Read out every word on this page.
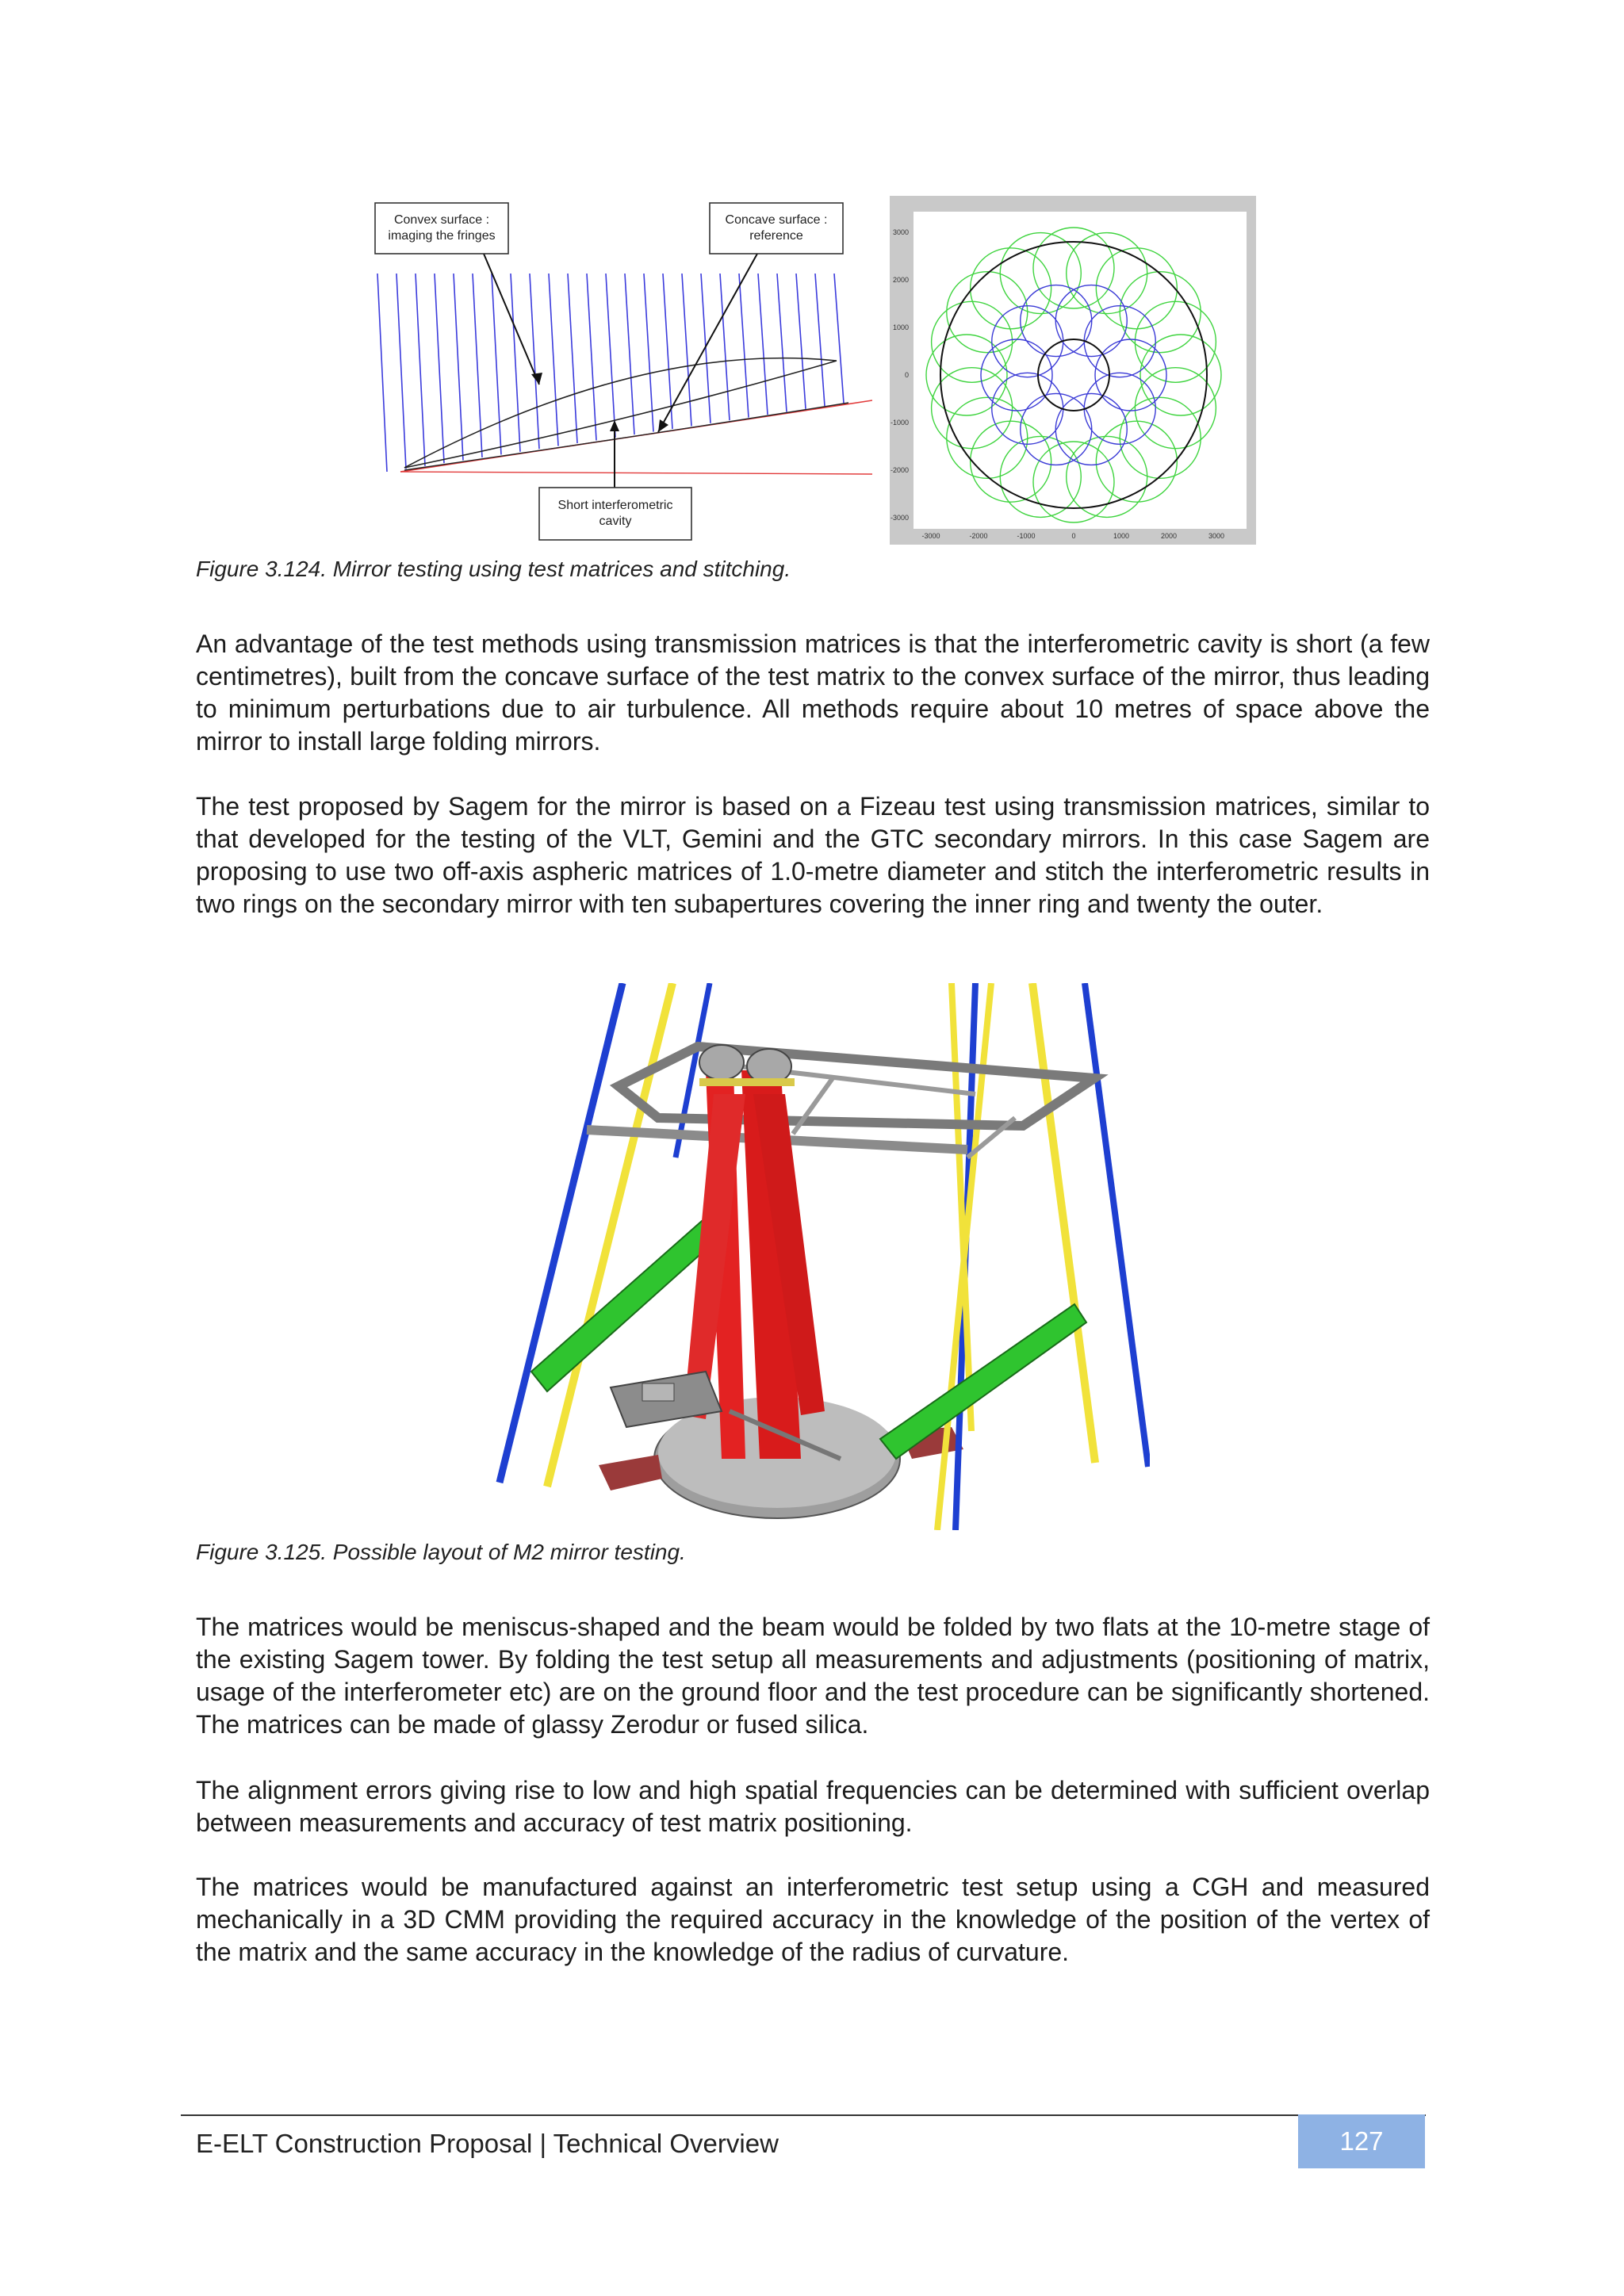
Convex surface :
imaging the fringes
Concave surface :
reference
Short interferometric
cavity
3000
2000
1000
0
-1000
-2000
-3000
-3000	-2000	-1000	0	1000	2000	3000
Figure 3.124. Mirror testing using test matrices and stitching.
An advantage of the test methods using transmission matrices is that the interferometric cavity is short (a few centimetres), built from the concave surface of the test matrix to the convex surface of the mirror, thus leading to minimum perturbations due to air turbulence. All methods require about 10 metres of space above the mirror to install large folding mirrors.
The test proposed by Sagem for the mirror is based on a Fizeau test using transmission matrices, similar to that developed for the testing of the VLT, Gemini and the GTC secondary mirrors. In this case Sagem are proposing to use two off-axis aspheric matrices of 1.0-metre diameter and stitch the interferometric results in two rings on the secondary mirror with ten subapertures covering the inner ring and twenty the outer.
Figure 3.125. Possible layout of M2 mirror testing.
The matrices would be meniscus-shaped and the beam would be folded by two flats at the 10-metre stage of the existing Sagem tower. By folding the test setup all measurements and adjustments (positioning of matrix, usage of the interferometer etc) are on the ground floor and the test procedure can be significantly shortened. The matrices can be made of glassy Zerodur or fused silica.
The alignment errors giving rise to low and high spatial frequencies can be determined with sufficient overlap between measurements and accuracy of test matrix positioning.
The matrices would be manufactured against an interferometric test setup using a CGH and measured mechanically in a 3D CMM providing the required accuracy in the knowledge of the position of the vertex of the matrix and the same accuracy in the knowledge of the radius of curvature.
E-ELT Construction Proposal | Technical Overview	127
